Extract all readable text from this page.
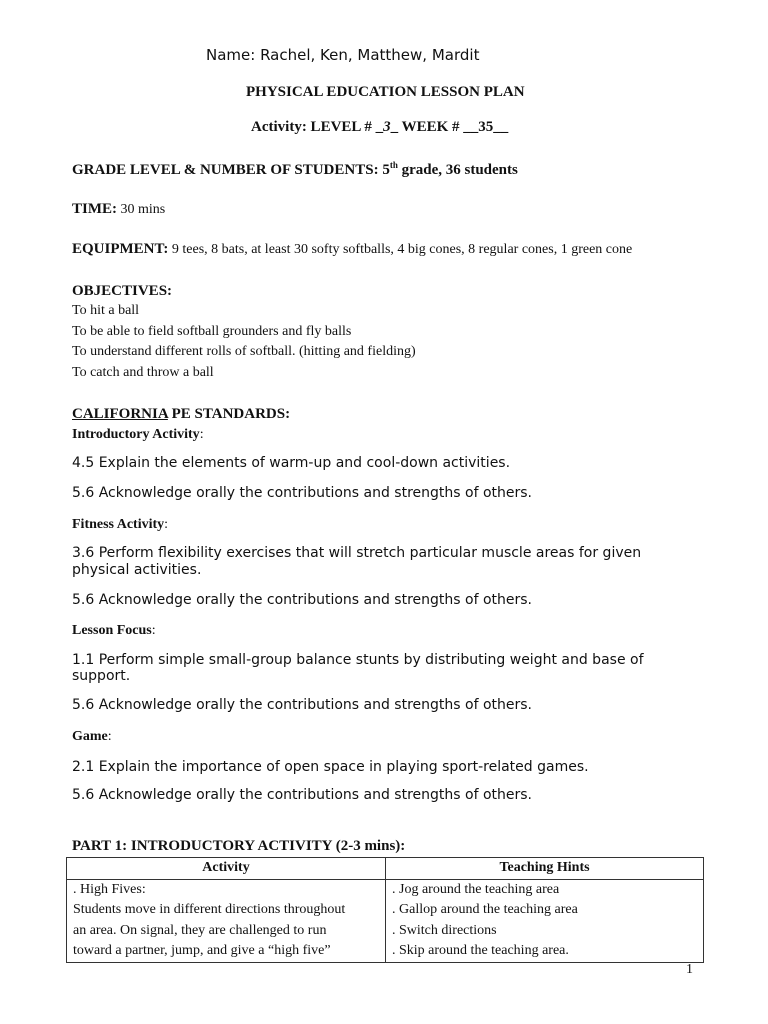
Name: Rachel, Ken, Matthew, Mardit
PHYSICAL EDUCATION LESSON PLAN
Activity: LEVEL # _3_ WEEK # __35__
GRADE LEVEL & NUMBER OF STUDENTS: 5th grade, 36 students
TIME: 30 mins
EQUIPMENT: 9 tees, 8 bats, at least 30 softy softballs, 4 big cones, 8 regular cones, 1 green cone
OBJECTIVES:
To hit a ball
To be able to field softball grounders and fly balls
To understand different rolls of softball. (hitting and fielding)
To catch and throw a ball
CALIFORNIA PE STANDARDS:
Introductory Activity:
4.5 Explain the elements of warm-up and cool-down activities.
5.6 Acknowledge orally the contributions and strengths of others.
Fitness Activity:
3.6 Perform flexibility exercises that will stretch particular muscle areas for given
physical activities.
5.6 Acknowledge orally the contributions and strengths of others.
Lesson Focus:
1.1 Perform simple small-group balance stunts by distributing weight and base of
support.
5.6 Acknowledge orally the contributions and strengths of others.
Game:
2.1 Explain the importance of open space in playing sport-related games.
5.6 Acknowledge orally the contributions and strengths of others.
PART 1: INTRODUCTORY ACTIVITY (2-3 mins):
Activity	Teaching Hints
. High Fives:	. Jog around the teaching area
Students move in different directions throughout	. Gallop around the teaching area
an area. On signal, they are challenged to run	. Switch directions
toward a partner, jump, and give a “high five”	. Skip around the teaching area.
1
